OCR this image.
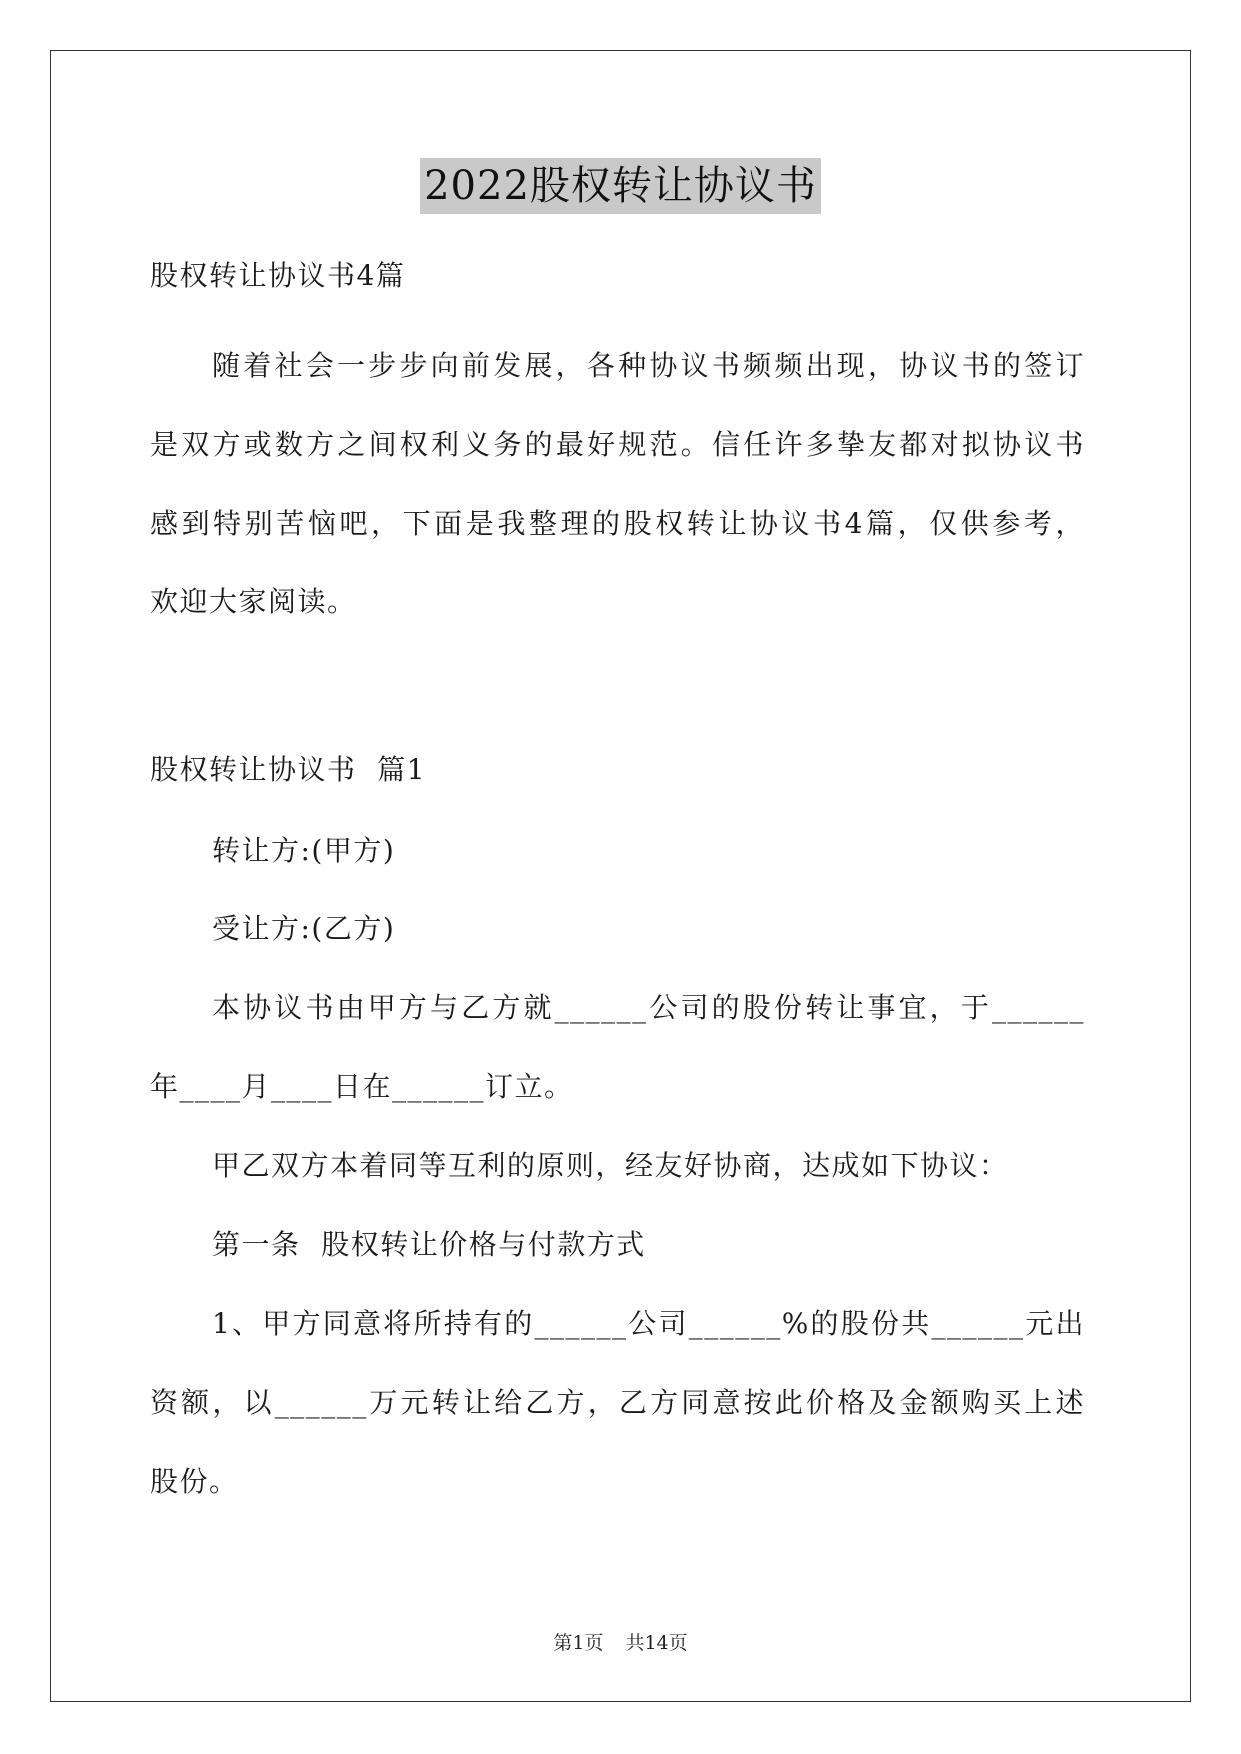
2022股权转让协议书
股权转让协议书4篇
随着社会一步步向前发展，各种协议书频频出现，协议书的签订
是双方或数方之间权利义务的最好规范。信任许多挚友都对拟协议书
感到特别苦恼吧，下面是我整理的股权转让协议书4篇，仅供参考，
欢迎大家阅读。
股权转让协议书  篇1
转让方:(甲方)
受让方:(乙方)
本协议书由甲方与乙方就______公司的股份转让事宜，于______
年____月____日在______订立。
甲乙双方本着同等互利的原则，经友好协商，达成如下协议：
第一条  股权转让价格与付款方式
1、甲方同意将所持有的______公司______%的股份共______元出
资额，以______万元转让给乙方，乙方同意按此价格及金额购买上述
股份。
第1页 共14页
